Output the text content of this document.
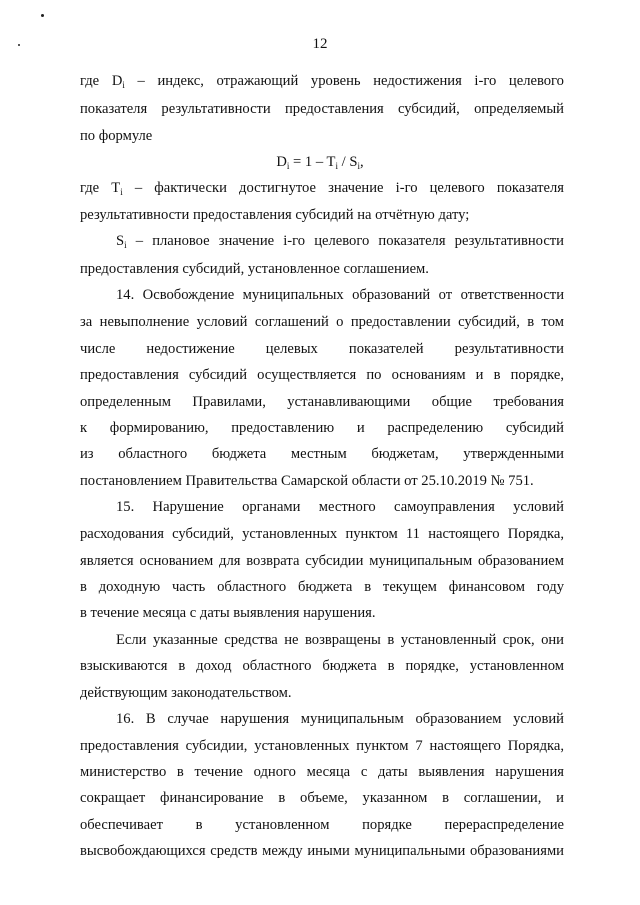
12
где $D_i$ – индекс, отражающий уровень недостижения i-го целевого
показателя результативности предоставления субсидий, определяемый
по формуле
$D_i = 1 - T_i / S_i$,
где $T_i$ – фактически достигнутое значение i-го целевого показателя
результативности предоставления субсидий на отчётную дату;
$S_i$ – плановое значение i-го целевого показателя результативности
предоставления субсидий, установленное соглашением.
14. Освобождение муниципальных образований от ответственности
за невыполнение условий соглашений о предоставлении субсидий, в том
числе недостижение целевых показателей результативности
предоставления субсидий осуществляется по основаниям и в порядке,
определенным Правилами, устанавливающими общие требования
к формированию, предоставлению и распределению субсидий
из областного бюджета местным бюджетам, утвержденными
постановлением Правительства Самарской области от 25.10.2019 № 751.
15. Нарушение органами местного самоуправления условий
расходования субсидий, установленных пунктом 11 настоящего Порядка,
является основанием для возврата субсидии муниципальным образованием
в доходную часть областного бюджета в текущем финансовом году
в течение месяца с даты выявления нарушения.
Если указанные средства не возвращены в установленный срок, они
взыскиваются в доход областного бюджета в порядке, установленном
действующим законодательством.
16. В случае нарушения муниципальным образованием условий
предоставления субсидии, установленных пунктом 7 настоящего Порядка,
министерство в течение одного месяца с даты выявления нарушения
сокращает финансирование в объеме, указанном в соглашении, и
обеспечивает в установленном порядке перераспределение
высвобождающихся средств между иными муниципальными образованиями
